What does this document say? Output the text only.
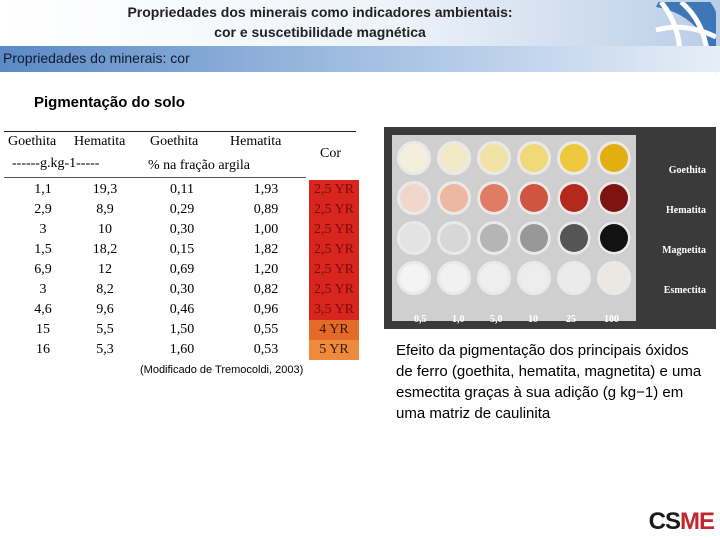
Propriedades dos minerais como indicadores ambientais:
cor e suscetibilidade magnética
Propriedades do minerais: cor
Pigmentação do solo
Goethita Hematita Goethita Hematita
Cor
------g.kg-1-----	% na fração argila
1,1	19,3	0,11	1,93	2,5 YR
2,9	8,9	0,29	0,89	2,5 YR
3	10	0,30	1,00	2,5 YR
1,5	18,2	0,15	1,82	2,5 YR
6,9	12	0,69	1,20	2,5 YR
3	8,2	0,30	0,82	2,5 YR
4,6	9,6	0,46	0,96	3,5 YR
15	5,5	1,50	0,55	4 YR
16	5,3	1,60	0,53	5 YR
Goethita
Hematita
Magnetita
Esmectita
0,5	1,0	5,0	10	25	100
(Modificado de Tremocoldi, 2003)
Efeito da pigmentação dos principais óxidos de ferro (goethita, hematita, magnetita) e uma esmectita graças à sua adição (g kg−1) em uma matriz de caulinita
CSME
